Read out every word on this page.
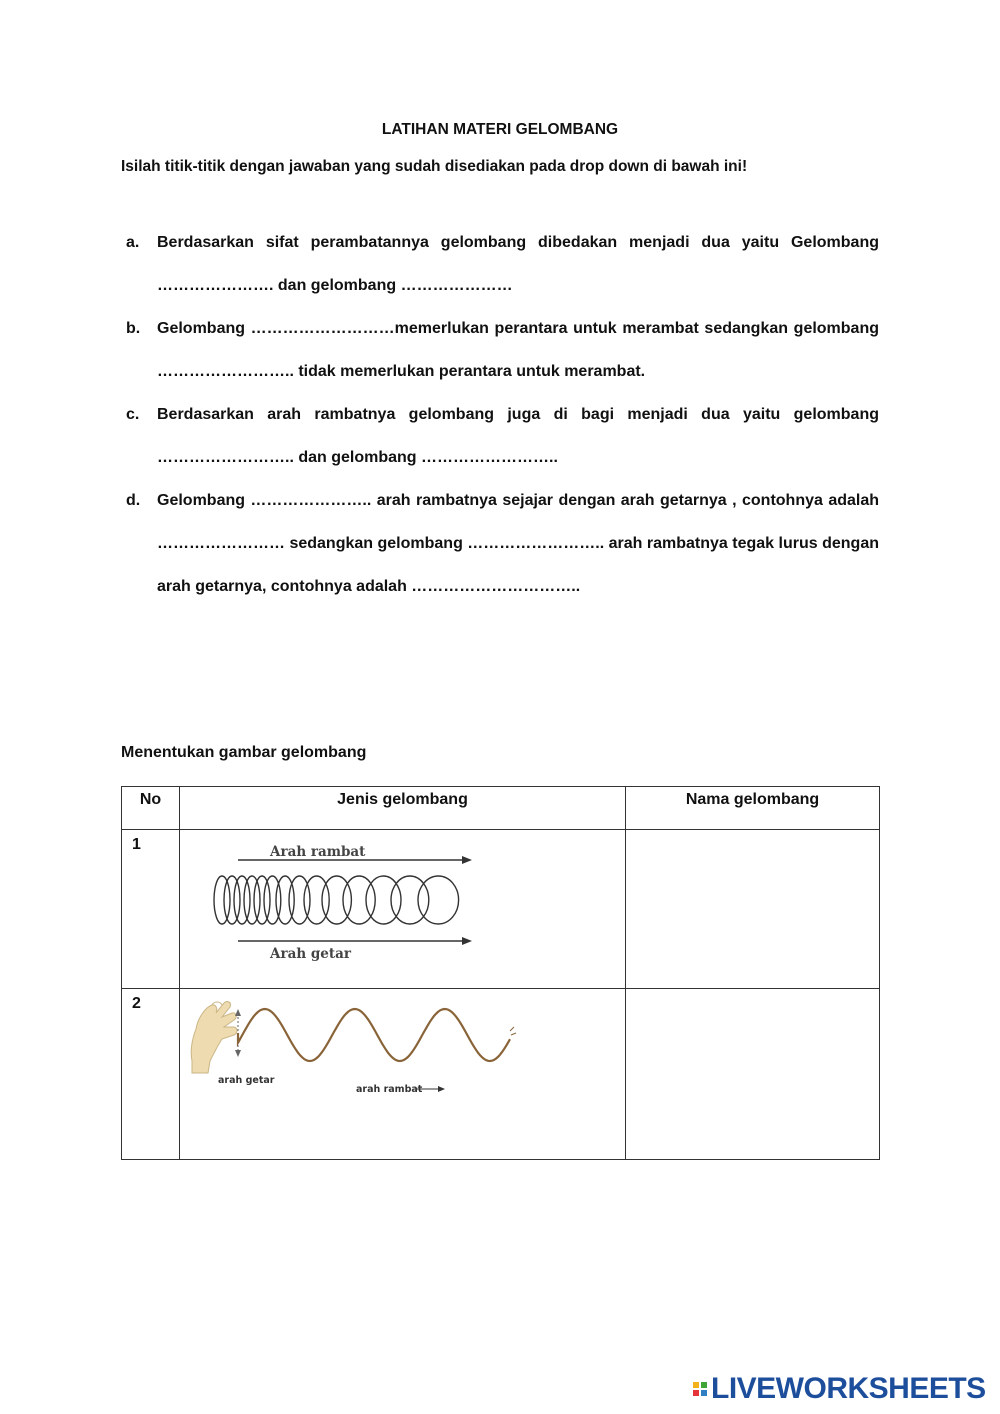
LATIHAN MATERI GELOMBANG
Isilah titik-titik dengan jawaban yang sudah disediakan pada drop down di bawah ini!
a. Berdasarkan sifat perambatannya gelombang dibedakan menjadi dua yaitu Gelombang …………………. dan gelombang …………………
b. Gelombang ………………………memerlukan perantara untuk merambat sedangkan gelombang …………………….. tidak memerlukan perantara untuk merambat.
c. Berdasarkan arah rambatnya gelombang juga di bagi menjadi dua yaitu gelombang …………………….. dan gelombang ……………………..
d. Gelombang ………………….. arah rambatnya sejajar dengan arah getarnya , contohnya adalah …………………… sedangkan gelombang …………………….. arah rambatnya tegak lurus dengan arah getarnya, contohnya adalah …………………………..
Menentukan gambar gelombang
No	Jenis gelombang	Nama gelombang
1	Arah rambat
Arah getar	

2	arah getar
arah rambat	

LIVEWORKSHEETS
